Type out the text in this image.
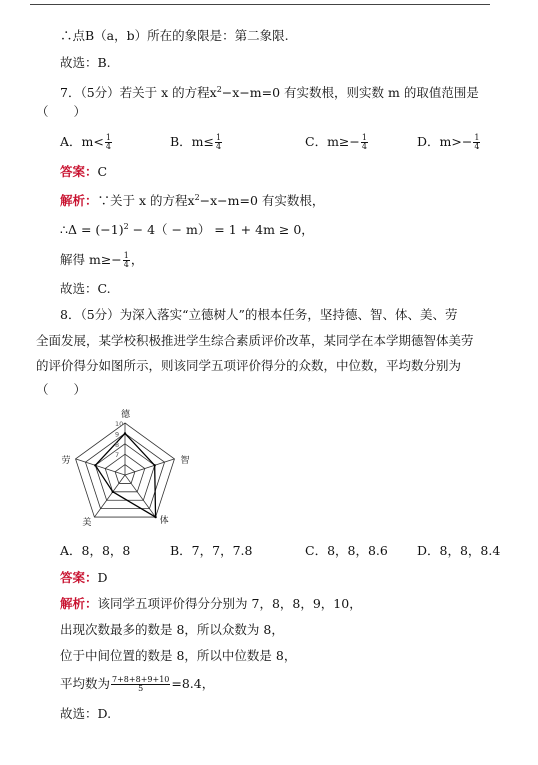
∴点B（a，b）所在的象限是：第二象限.
故选：B.
7．（5分）若关于 x 的方程$x^2-x-m=0$ 有实数根，则实数 m 的取值范围是
（　　）
A．$m< \frac{1}{4}$	B．$m\le \frac{1}{4}$	C．$m\ge- \frac{1}{4}$	D．$m>- \frac{1}{4}$
答案：C
解析：∵关于 x 的方程$x^2-x-m=0$ 有实数根，
∴Δ = $(-1)^2 - 4( - m) = 1 + 4m \ge 0$，
解得 $m\ge- \frac{1}{4}$ ，
故选：C.
8．（5分）为深入落实“立德树人”的根本任务，坚持德、智、体、美、劳
全面发展，某学校积极推进学生综合素质评价改革，某同学在本学期德智体美劳
的评价得分如图所示，则该同学五项评价得分的众数，中位数，平均数分别为
（　　）
10
9
8
7
德
智
体
美
劳
A．8，8，8	B．7，7，7.8	C．8，8，8.6 D．8，8，8.4
答案：D
解析：该同学五项评价得分分别为 7，8，8，9，10，
出现次数最多的数是 8，所以众数为 8，
位于中间位置的数是 8，所以中位数是 8，
平均数为 $\frac{7+8+8+9+10}{5} =8.4$，
故选：D.
